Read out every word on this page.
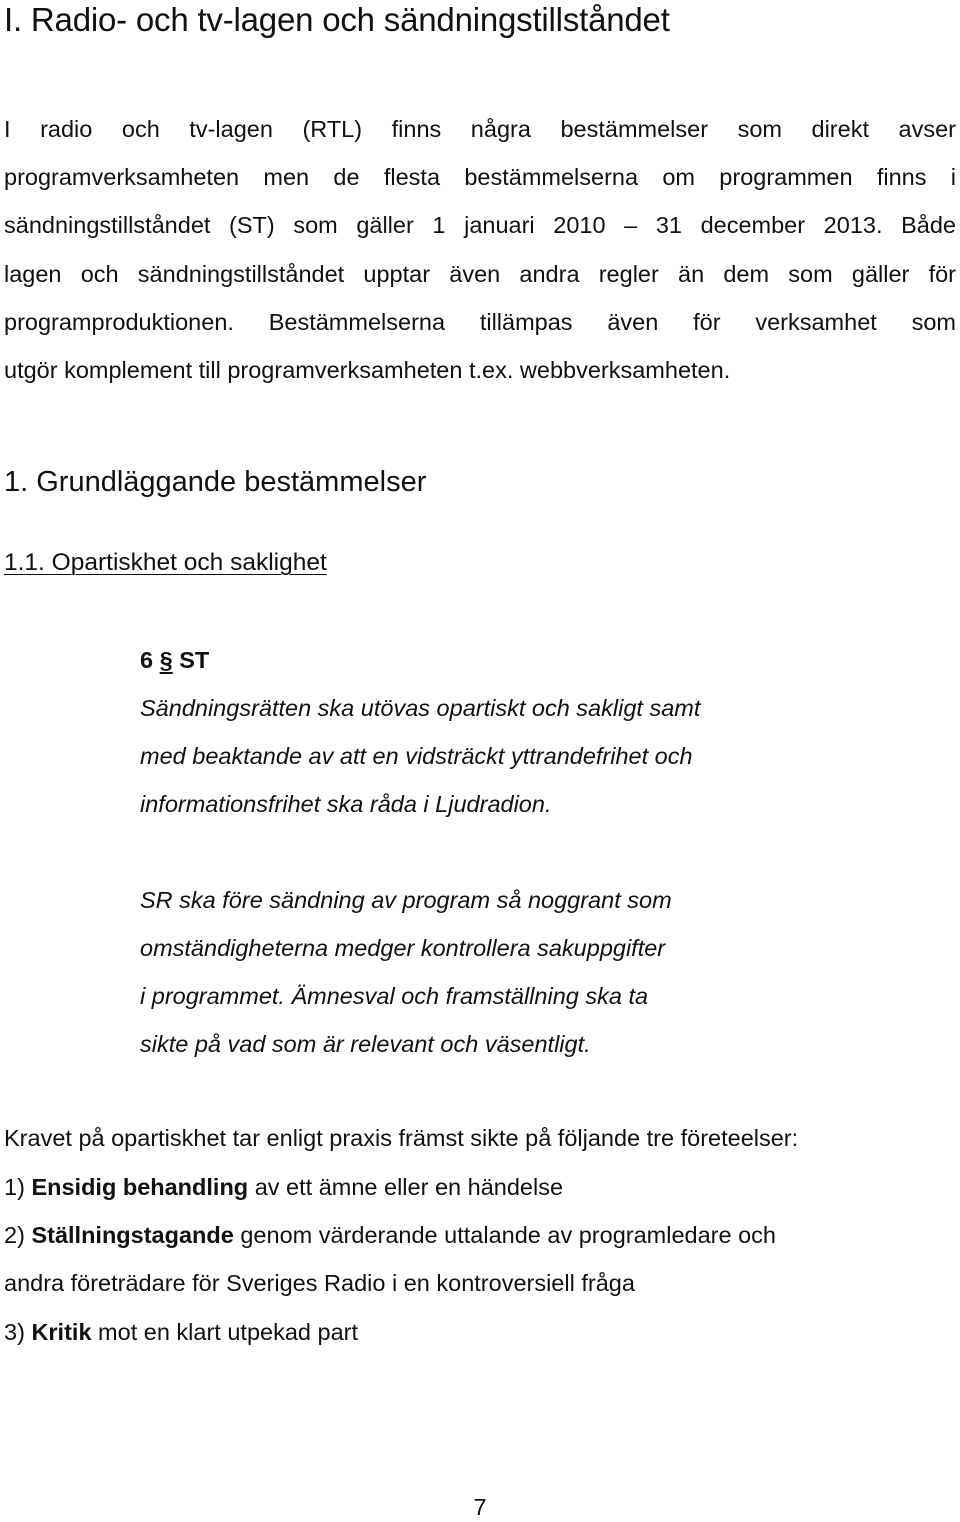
I. Radio- och tv-lagen och sändningstillståndet

I radio och tv-lagen (RTL) finns några bestämmelser som direkt avser
programverksamheten men de flesta bestämmelserna om programmen finns i
sändningstillståndet (ST) som gäller 1 januari 2010 – 31 december 2013. Både
lagen och sändningstillståndet upptar även andra regler än dem som gäller för
programproduktionen. Bestämmelserna tillämpas även för verksamhet som
utgör komplement till programverksamheten t.ex. webbverksamheten.

1. Grundläggande bestämmelser
1.1. Opartiskhet och saklighet

6 § ST

Sändningsrätten ska utövas opartiskt och sakligt samt
med beaktande av att en vidsträckt yttrandefrihet och
informationsfrihet ska råda i Ljudradion.

SR ska före sändning av program så noggrant som
omständigheterna medger kontrollera sakuppgifter
i programmet. Ämnesval och framställning ska ta
sikte på vad som är relevant och väsentligt.

Kravet på opartiskhet tar enligt praxis främst sikte på följande tre företeelser:

1) Ensidig behandling av ett ämne eller en händelse

2) Ställningstagande genom värderande uttalande av programledare och
andra företrädare för Sveriges Radio i en kontroversiell fråga

3) Kritik mot en klart utpekad part

7
